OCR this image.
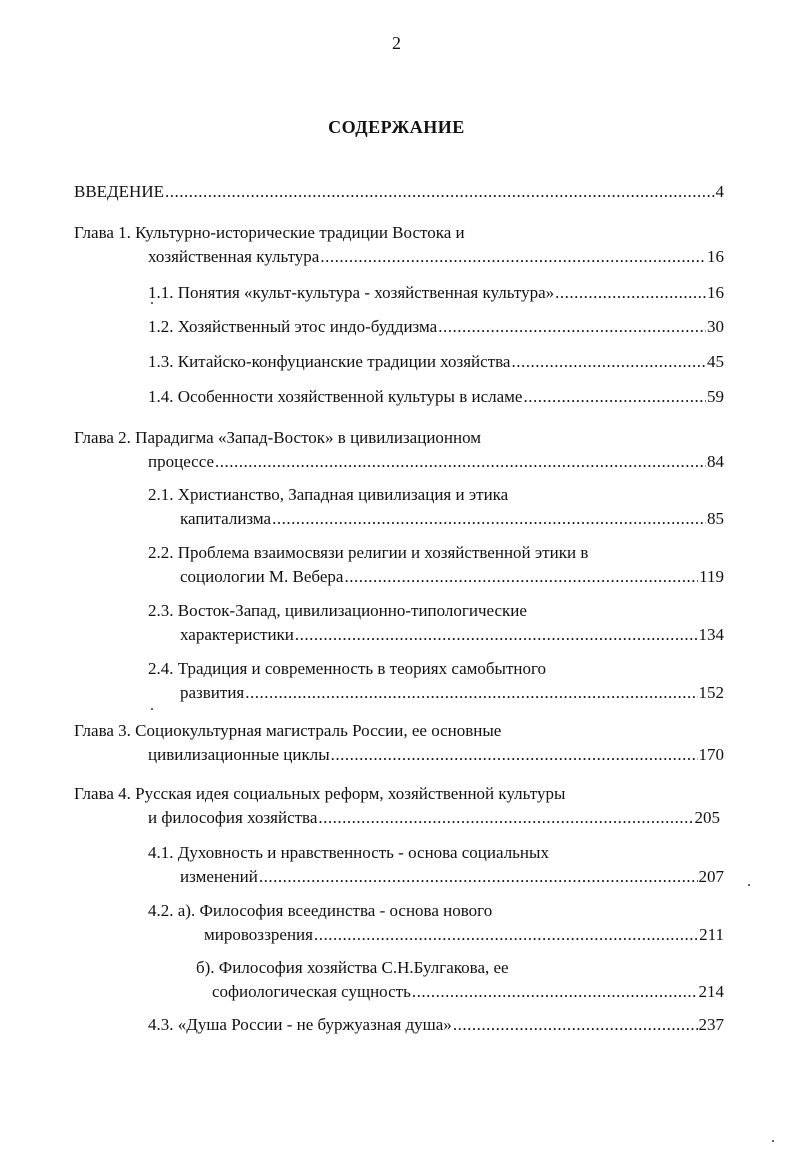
2
СОДЕРЖАНИЕ
ВВЕДЕНИЕ .....	4
Глава 1. Культурно-исторические традиции Востока и
хозяйственная культура .....	16
1.1. Понятия «культ-культура - хозяйственная культура» .....	16
1.2. Хозяйственный этос индо-буддизма .....	30
1.3. Китайско-конфуцианские традиции хозяйства .....	45
1.4. Особенности хозяйственной культуры в исламе .....	59
Глава 2. Парадигма «Запад-Восток» в цивилизационном
процессе .....	84
2.1. Христианство, Западная цивилизация и этика
капитализма .....	85
2.2. Проблема взаимосвязи религии и хозяйственной этики в
социологии М. Вебера .....	119
2.3. Восток-Запад, цивилизационно-типологические
характеристики .....	134
2.4. Традиция и современность в теориях самобытного
развития .....	152
Глава 3. Социокультурная магистраль России, ее основные
цивилизационные циклы .....	170
Глава 4. Русская идея социальных реформ, хозяйственной культуры
и философия хозяйства .....	205
4.1. Духовность и нравственность - основа социальных
изменений .....	207
4.2. а). Философия всеединства - основа нового
мировоззрения .....	211
б). Философия хозяйства С.Н.Булгакова, ее
софиологическая сущность .....	214
4.3. «Душа России - не буржуазная душа» .....	237
